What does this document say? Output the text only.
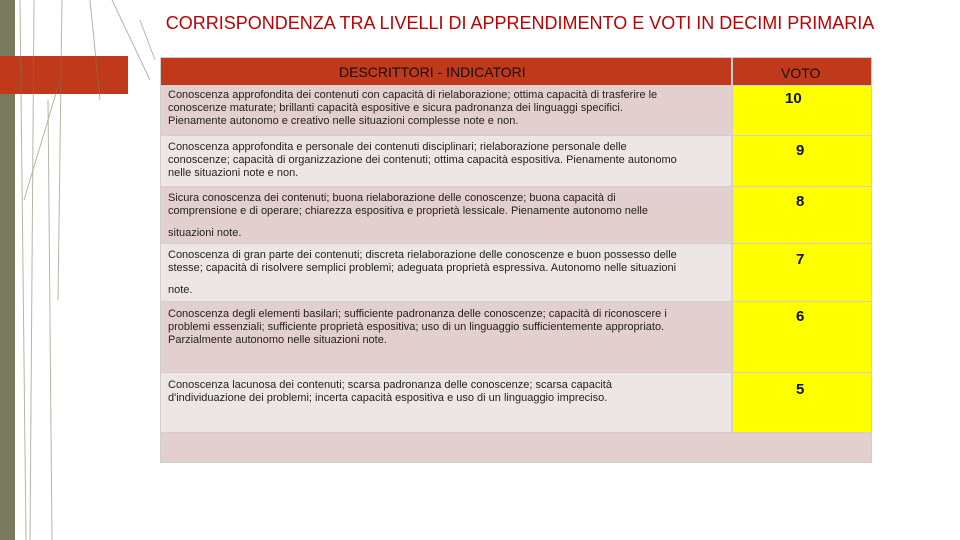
CORRISPONDENZA TRA LIVELLI DI APPRENDIMENTO E VOTI IN DECIMI PRIMARIA
DESCRITTORI - INDICATORI	VOTO
Conoscenza approfondita dei contenuti con capacità di rielaborazione; ottima capacità di trasferire le
conoscenze maturate; brillanti capacità espositive e sicura padronanza dei linguaggi specifici.
Pienamente autonomo e creativo nelle situazioni complesse note e non.
10
Conoscenza approfondita e personale dei contenuti disciplinari; rielaborazione personale delle
conoscenze; capacità di organizzazione dei contenuti; ottima capacità espositiva. Pienamente autonomo
nelle situazioni note e non.
9
Sicura conoscenza dei contenuti; buona rielaborazione delle conoscenze; buona capacità di
comprensione e di operare; chiarezza espositiva e proprietà lessicale. Pienamente autonomo nelle
situazioni note.
8
Conoscenza di gran parte dei contenuti; discreta rielaborazione delle conoscenze e buon possesso delle
stesse; capacità di risolvere semplici problemi; adeguata proprietà espressiva. Autonomo nelle situazioni
note.
7
Conoscenza degli elementi basilari; sufficiente padronanza delle conoscenze; capacità di riconoscere i
problemi essenziali; sufficiente proprietà espositiva; uso di un linguaggio sufficientemente appropriato.
Parzialmente autonomo nelle situazioni note.
6
Conoscenza lacunosa dei contenuti; scarsa padronanza delle conoscenze; scarsa capacità
d'individuazione dei problemi; incerta capacità espositiva e uso di un linguaggio impreciso.	5
